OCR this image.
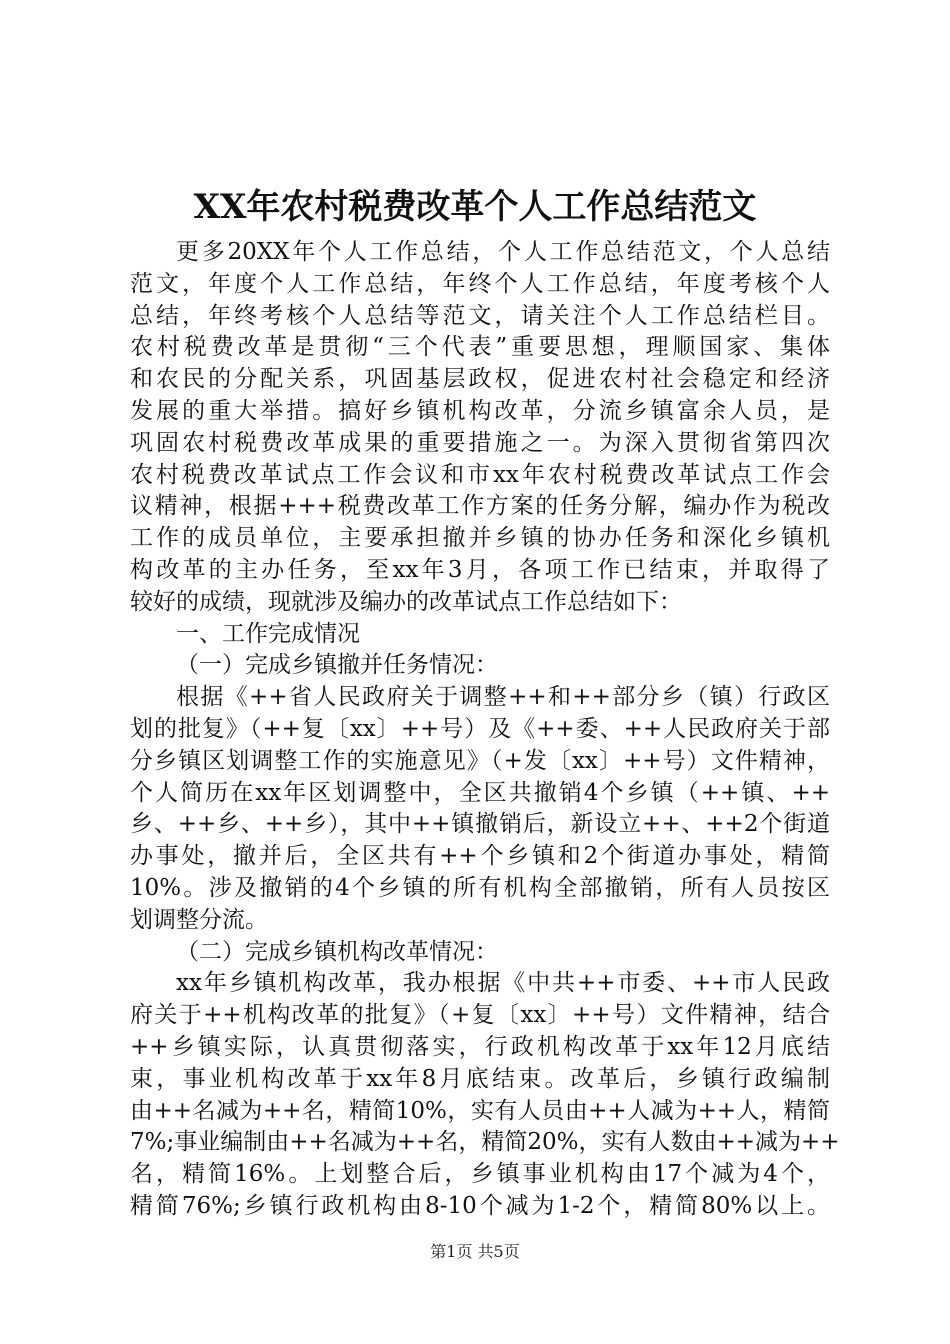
XX年农村税费改革个人工作总结范文
更多20XX年个人工作总结，个人工作总结范文，个人总结
范文，年度个人工作总结，年终个人工作总结，年度考核个人
总结，年终考核个人总结等范文，请关注个人工作总结栏目。
农村税费改革是贯彻“三个代表”重要思想，理顺国家、集体
和农民的分配关系，巩固基层政权，促进农村社会稳定和经济
发展的重大举措。搞好乡镇机构改革，分流乡镇富余人员，是
巩固农村税费改革成果的重要措施之一。为深入贯彻省第四次
农村税费改革试点工作会议和市xx年农村税费改革试点工作会
议精神，根据+++税费改革工作方案的任务分解，编办作为税改
工作的成员单位，主要承担撤并乡镇的协办任务和深化乡镇机
构改革的主办任务，至xx年3月，各项工作已结束，并取得了
较好的成绩，现就涉及编办的改革试点工作总结如下：
一、工作完成情况
（一）完成乡镇撤并任务情况：
根据《++省人民政府关于调整++和++部分乡（镇）行政区
划的批复》（++复〔xx〕++号）及《++委、++人民政府关于部
分乡镇区划调整工作的实施意见》（+发〔xx〕++号）文件精神，
个人简历在xx年区划调整中，全区共撤销4个乡镇（++镇、++
乡、++乡、++乡），其中++镇撤销后，新设立++、++2个街道
办事处，撤并后，全区共有++个乡镇和2个街道办事处，精简
10%。涉及撤销的4个乡镇的所有机构全部撤销，所有人员按区
划调整分流。
（二）完成乡镇机构改革情况：
xx年乡镇机构改革，我办根据《中共++市委、++市人民政
府关于++机构改革的批复》（+复〔xx〕++号）文件精神，结合
++乡镇实际，认真贯彻落实，行政机构改革于xx年12月底结
束，事业机构改革于xx年8月底结束。改革后，乡镇行政编制
由++名减为++名，精简10%，实有人员由++人减为++人，精简
7%;事业编制由++名减为++名，精简20%，实有人数由++减为++
名，精简16%。上划整合后，乡镇事业机构由17个减为4个，
精简76%;乡镇行政机构由8-10个减为1-2个，精简80%以上。
第1页 共5页
